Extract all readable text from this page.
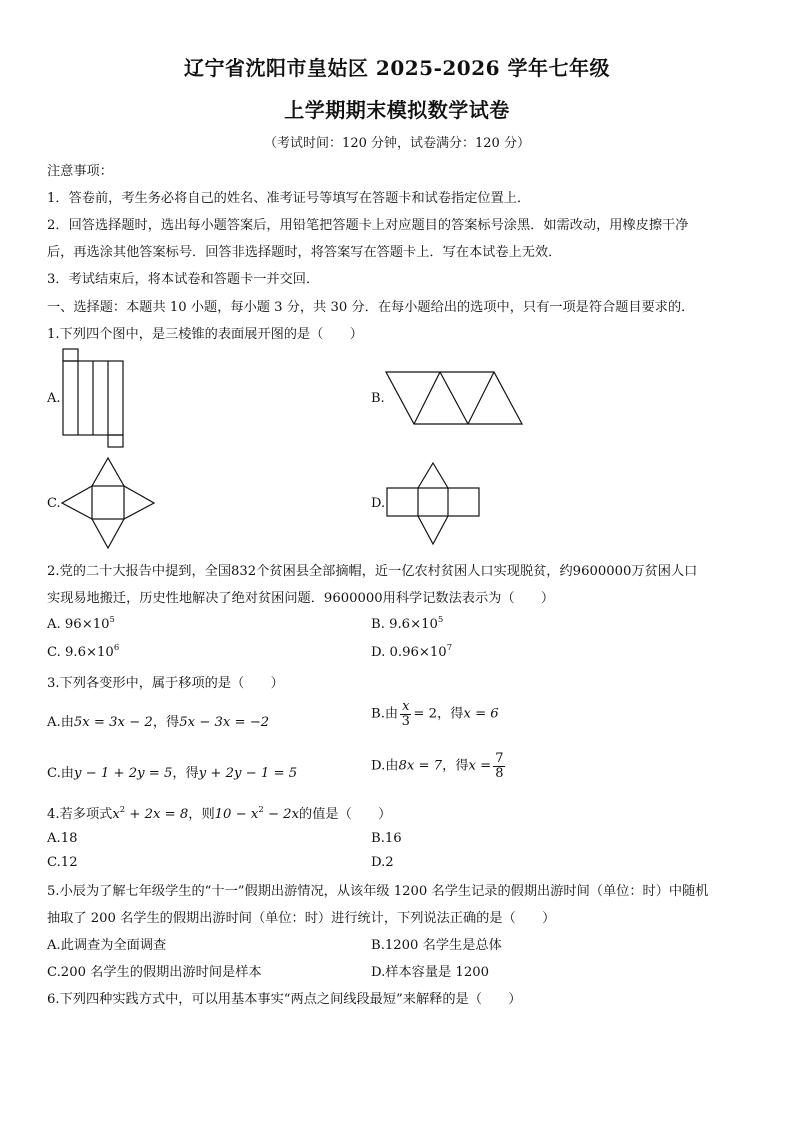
辽宁省沈阳市皇姑区 2025-2026 学年七年级
上学期期末模拟数学试卷
（考试时间：120 分钟，试卷满分：120 分）
注意事项：
1．答卷前，考生务必将自己的姓名、准考证号等填写在答题卡和试卷指定位置上．
2．回答选择题时，选出每小题答案后，用铅笔把答题卡上对应题目的答案标号涂黑．如需改动，用橡皮擦干净
后，再选涂其他答案标号．回答非选择题时，将答案写在答题卡上．写在本试卷上无效．
3．考试结束后，将本试卷和答题卡一并交回．
一、选择题：本题共 10 小题，每小题 3 分，共 30 分．在每小题给出的选项中，只有一项是符合题目要求的．
1.下列四个图中，是三棱锥的表面展开图的是（　　）
A.	B.
C.	D.
2.党的二十大报告中提到，全国832个贫困县全部摘帽，近一亿农村贫困人口实现脱贫，约9600000万贫困人口
实现易地搬迁，历史性地解决了绝对贫困问题．9600000用科学记数法表示为（　　）
A. $96\times 10^5$	B. $9.6\times 10^5$
C. $9.6\times 10^6$	D. $0.96\times 10^7$
3.下列各变形中，属于移项的是（　　）
A.由5x = 3x − 2，得5x − 3x = −2
B.由 $\frac{x}{3} = 2$，得x = 6
C.由y − 1 + 2y = 5，得y + 2y − 1 = 5	D.由8x = 7，得$x = \frac{7}{8}$
4.若多项式$x^2 + 2x = 8$，则$10 - x^2 - 2x$的值是（　　）
A.18	B.16
C.12	D.2
5.小辰为了解七年级学生的“十一”假期出游情况，从该年级 1200 名学生记录的假期出游时间（单位：时）中随机
抽取了 200 名学生的假期出游时间（单位：时）进行统计，下列说法正确的是（　　）
A.此调查为全面调查	B.1200 名学生是总体
C.200 名学生的假期出游时间是样本	D.样本容量是 1200
6.下列四种实践方式中，可以用基本事实“两点之间线段最短”来解释的是（　　）
